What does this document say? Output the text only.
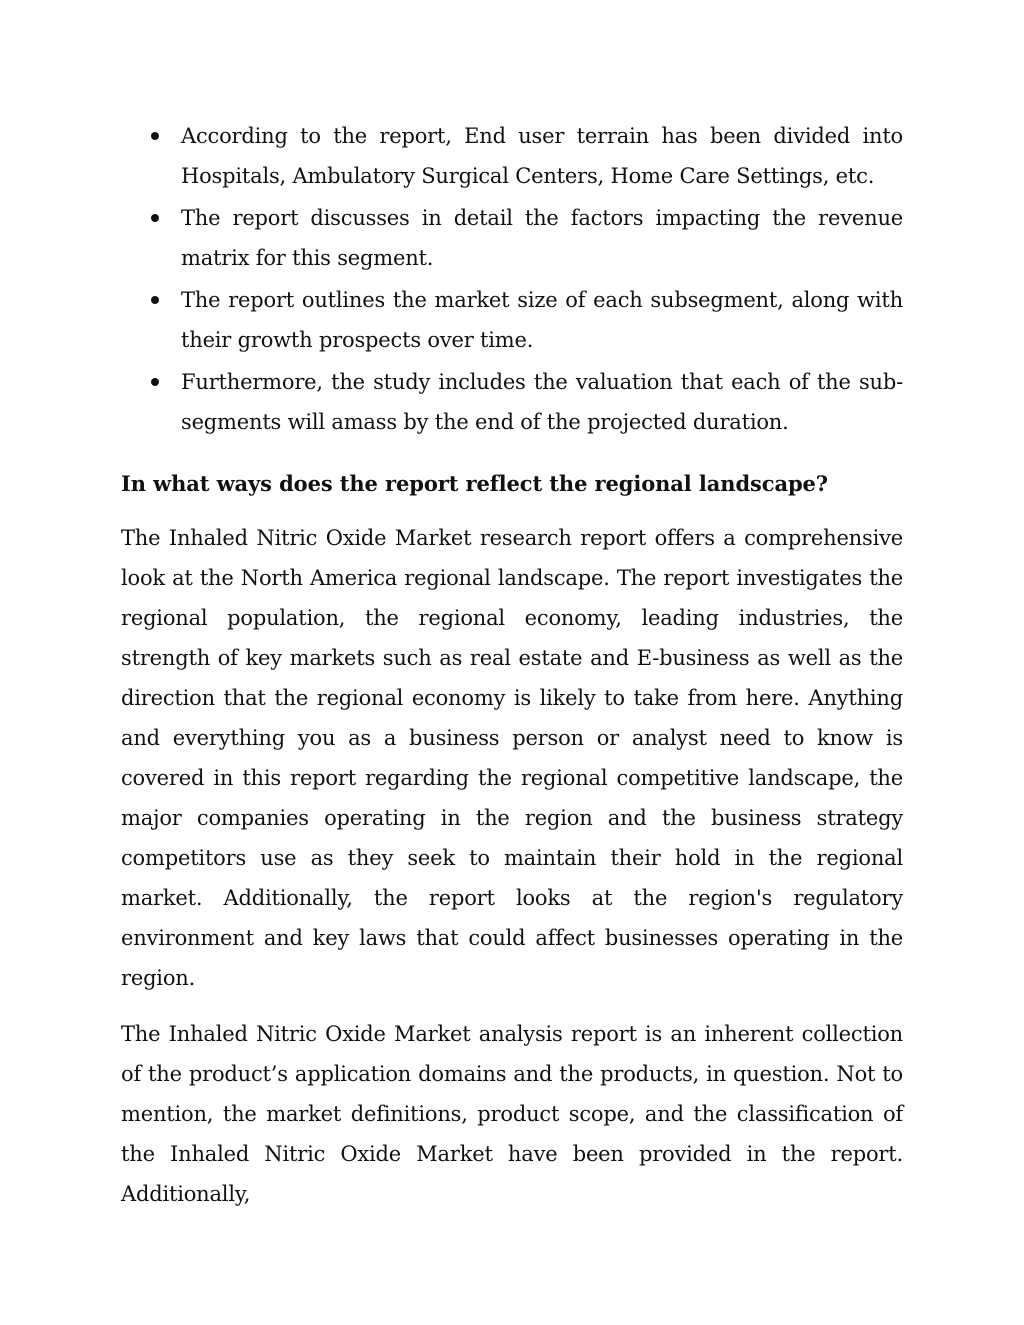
According to the report, End user terrain has been divided into Hospitals, Ambulatory Surgical Centers, Home Care Settings, etc.
The report discusses in detail the factors impacting the revenue matrix for this segment.
The report outlines the market size of each subsegment, along with their growth prospects over time.
Furthermore, the study includes the valuation that each of the sub-segments will amass by the end of the projected duration.
In what ways does the report reflect the regional landscape?

The Inhaled Nitric Oxide Market research report offers a comprehensive look at the North America regional landscape. The report investigates the regional population, the regional economy, leading industries, the strength of key markets such as real estate and E-business as well as the direction that the regional economy is likely to take from here. Anything and everything you as a business person or analyst need to know is covered in this report regarding the regional competitive landscape, the major companies operating in the region and the business strategy competitors use as they seek to maintain their hold in the regional market. Additionally, the report looks at the region's regulatory environment and key laws that could affect businesses operating in the region.

The Inhaled Nitric Oxide Market analysis report is an inherent collection of the product’s application domains and the products, in question. Not to mention, the market definitions, product scope, and the classification of the Inhaled Nitric Oxide Market have been provided in the report. Additionally,
